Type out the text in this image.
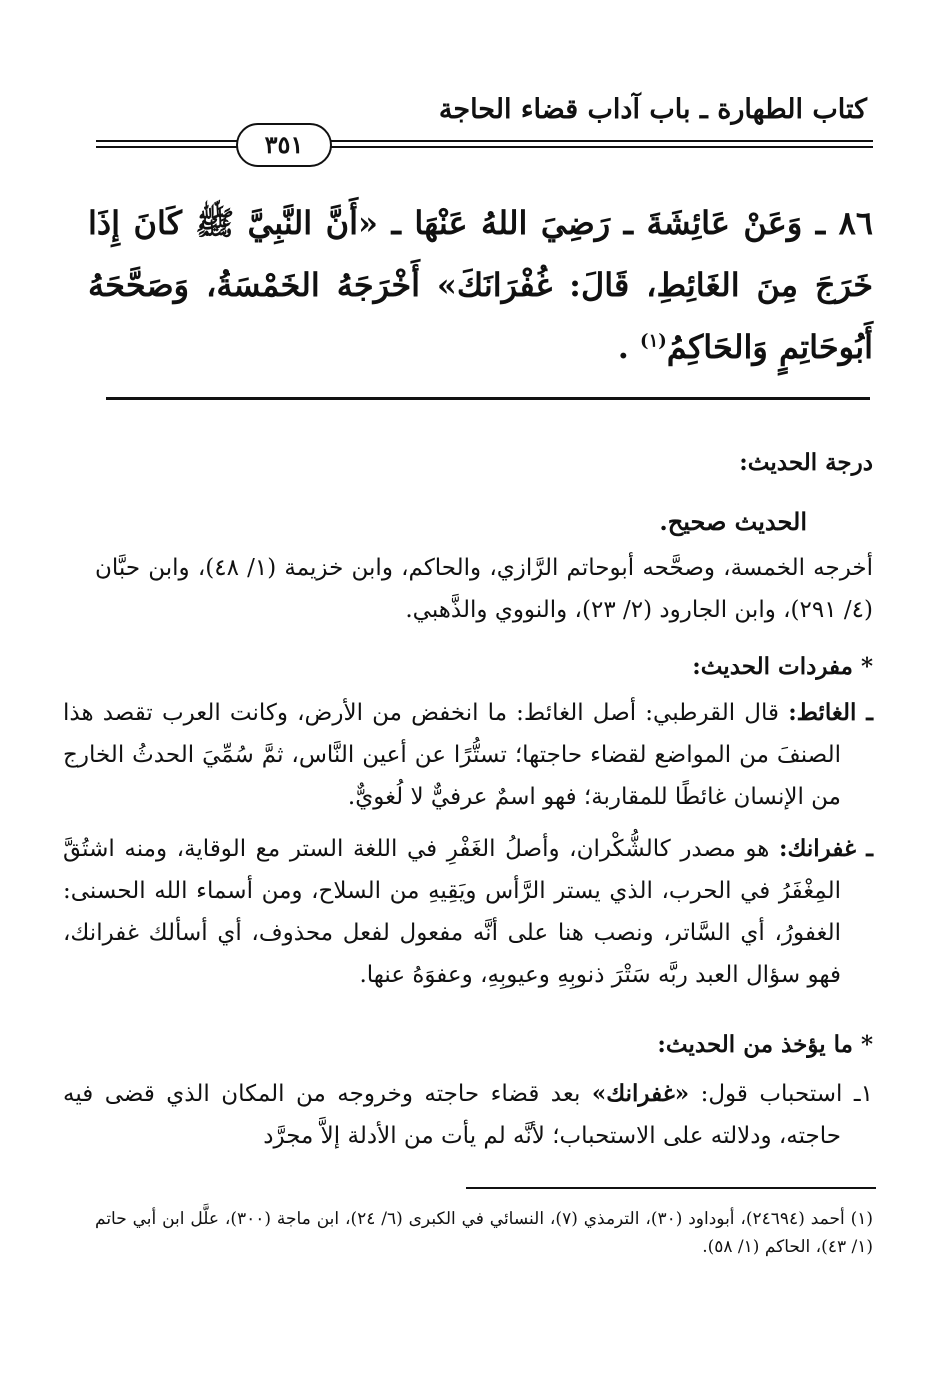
كتاب الطهارة ـ باب آداب قضاء الحاجة
٣٥١
٨٦ ـ وَعَنْ عَائِشَةَ ـ رَضِيَ اللهُ عَنْهَا ـ «أَنَّ النَّبِيَّ ﷺ كَانَ إِذَا خَرَجَ مِنَ الغَائِطِ، قَالَ: غُفْرَانَكَ» أَخْرَجَهُ الخَمْسَةُ، وَصَحَّحَهُ أَبُوحَاتِمٍ وَالحَاكِمُ$^{(١)}$ .
درجة الحديث:
الحديث صحيح.
أخرجه الخمسة، وصحَّحه أبوحاتم الرَّازي، والحاكم، وابن خزيمة (١/ ٤٨)، وابن حبَّان (٤/ ٢٩١)، وابن الجارود (٢/ ٢٣)، والنووي والذَّهبي.
* مفردات الحديث:
ـ الغائط: قال القرطبي: أصل الغائط: ما انخفض من الأرض، وكانت العرب تقصد هذا الصنفَ من المواضع لقضاء حاجتها؛ تستُّرًا عن أعين النَّاس، ثمَّ سُمِّيَ الحدثُ الخارج من الإنسان غائطًا للمقاربة؛ فهو اسمٌ عرفيٌّ لا لُغويٌّ.
ـ غفرانك: هو مصدر كالشُّكْران، وأصلُ الغَفْرِ في اللغة الستر مع الوقاية، ومنه اشتُقَّ المِغْفَرُ في الحرب، الذي يستر الرَّأس ويَقِيهِ من السلاح، ومن أسماء الله الحسنى: الغفورُ، أي السَّاتر، ونصب هنا على أنَّه مفعول لفعل محذوف، أي أسألك غفرانك، فهو سؤال العبد ربَّه سَتْرَ ذنوبِهِ وعيوبِهِ، وعفوَهُ عنها.
* ما يؤخذ من الحديث:
١ـ استحباب قول: «غفرانك» بعد قضاء حاجته وخروجه من المكان الذي قضى فيه حاجته، ودلالته على الاستحباب؛ لأنَّه لم يأت من الأدلة إلاَّ مجرَّد
(١) أحمد (٢٤٦٩٤)، أبوداود (٣٠)، الترمذي (٧)، النسائي في الكبرى (٦/ ٢٤)، ابن ماجة (٣٠٠)، علَّل ابن أبي حاتم (١/ ٤٣)، الحاكم (١/ ٥٨).
